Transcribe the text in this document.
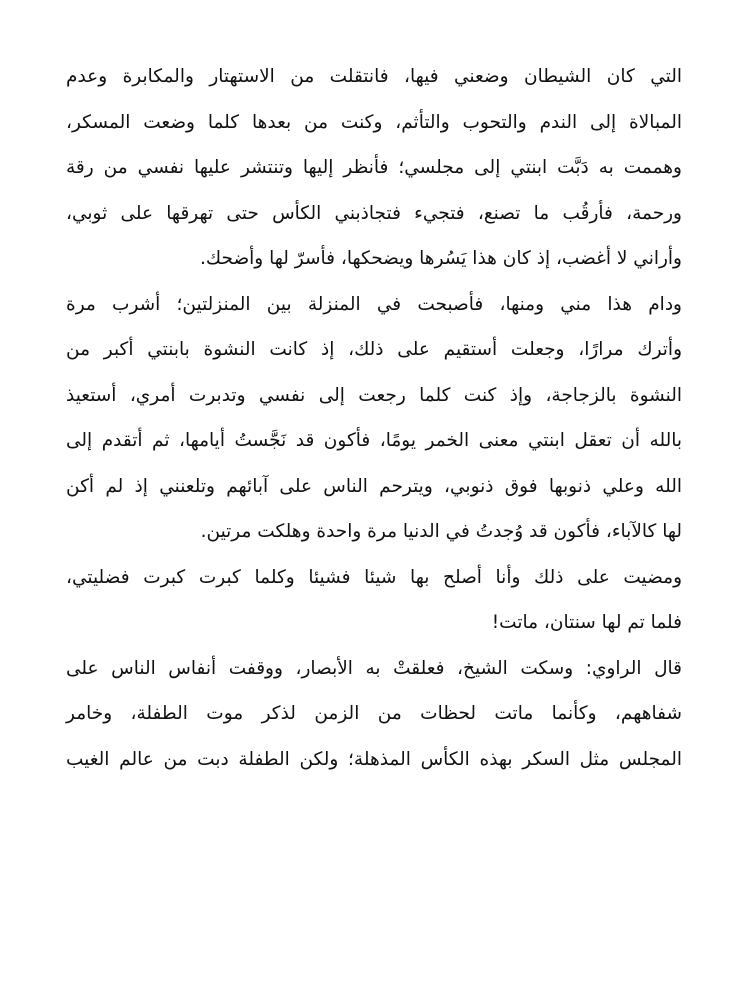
التي كان الشيطان وضعني فيها، فانتقلت من الاستهتار والمكابرة وعدم
المبالاة إلى الندم والتحوب والتأثم، وكنت من بعدها كلما وضعت المسكر،
وهممت به دَبَّت ابنتي إلى مجلسي؛ فأنظر إليها وتنتشر عليها نفسي من رقة
ورحمة، فأرقُب ما تصنع، فتجيء فتجاذبني الكأس حتى تهرقها على ثوبي،
وأراني لا أغضب، إذ كان هذا يَسُرها ويضحكها، فأسرّ لها وأضحك.
ودام هذا مني ومنها، فأصبحت في المنزلة بين المنزلتين؛ أشرب مرة
وأترك مرارًا، وجعلت أستقيم على ذلك، إذ كانت النشوة بابنتي أكبر من
النشوة بالزجاجة، وإذ كنت كلما رجعت إلى نفسي وتدبرت أمري، أستعيذ
بالله أن تعقل ابنتي معنى الخمر يومًا، فأكون قد نَجَّستُ أيامها، ثم أتقدم إلى
الله وعلي ذنوبها فوق ذنوبي، ويترحم الناس على آبائهم وتلعنني إذ لم أكن
لها كالآباء، فأكون قد وُجدتُ في الدنيا مرة واحدة وهلكت مرتين.
ومضيت على ذلك وأنا أصلح بها شيئا فشيئا وكلما كبرت كبرت فضليتي،
فلما تم لها سنتان، ماتت!
قال الراوي: وسكت الشيخ، فعلقتْ به الأبصار، ووقفت أنفاس الناس على
شفاههم، وكأنما ماتت لحظات من الزمن لذكر موت الطفلة، وخامر
المجلس مثل السكر بهذه الكأس المذهلة؛ ولكن الطفلة دبت من عالم الغيب
